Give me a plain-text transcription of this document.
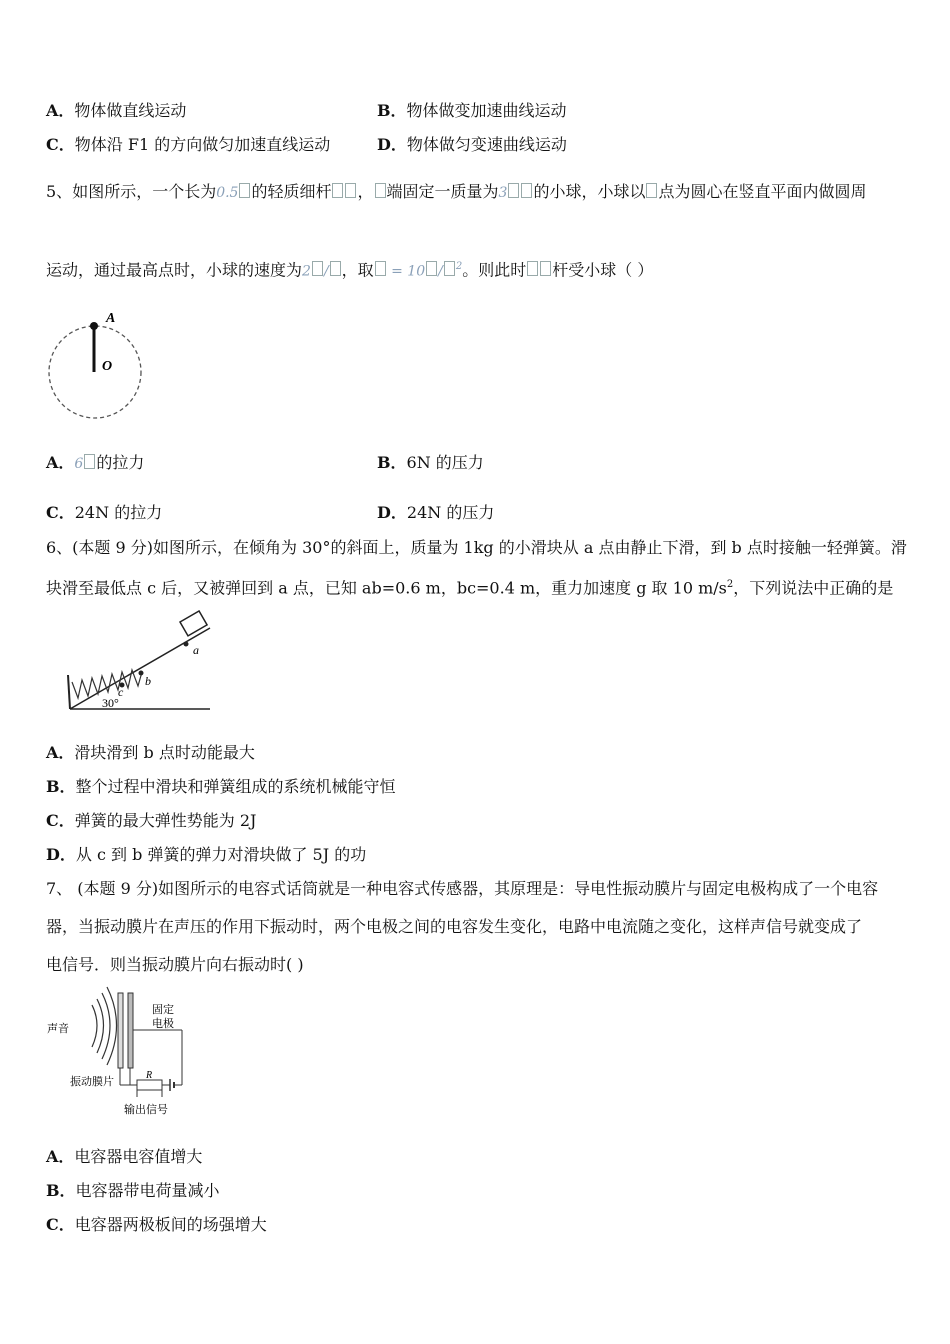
A．物体做直线运动	B．物体做变加速曲线运动
C．物体沿 F1 的方向做匀加速直线运动	D．物体做匀变速曲线运动
5、如图所示，一个长为0.5 的轻质细杆 ， 端固定一质量为3 的小球，小球以 点为圆心在竖直平面内做圆周
运动，通过最高点时，小球的速度为2 / ，取 = 10 / $^2$。则此时 杆受小球（ ）
A
O
A．6 的拉力	B．6N 的压力
C．24N 的拉力	D．24N 的压力
6、(本题 9 分)如图所示，在倾角为 30°的斜面上，质量为 1kg 的小滑块从 a 点由静止下滑，到 b 点时接触一轻弹簧。滑
块滑至最低点 c 后，又被弹回到 a 点，已知 ab=0.6 m，bc=0.4 m，重力加速度 g 取 10 $m/s^2$，下列说法中正确的是
a
b
c
30°
A．滑块滑到 b 点时动能最大
B．整个过程中滑块和弹簧组成的系统机械能守恒
C．弹簧的最大弹性势能为 2J
D．从 c 到 b 弹簧的弹力对滑块做了 5J 的功
7、 (本题 9 分)如图所示的电容式话筒就是一种电容式传感器，其原理是：导电性振动膜片与固定电极构成了一个电容
器，当振动膜片在声压的作用下振动时，两个电极之间的电容发生变化，电路中电流随之变化，这样声信号就变成了
电信号．则当振动膜片向右振动时( )
声音
R
固定
电极
振动膜片
输出信号
A．电容器电容值增大
B．电容器带电荷量减小
C．电容器两极板间的场强增大
